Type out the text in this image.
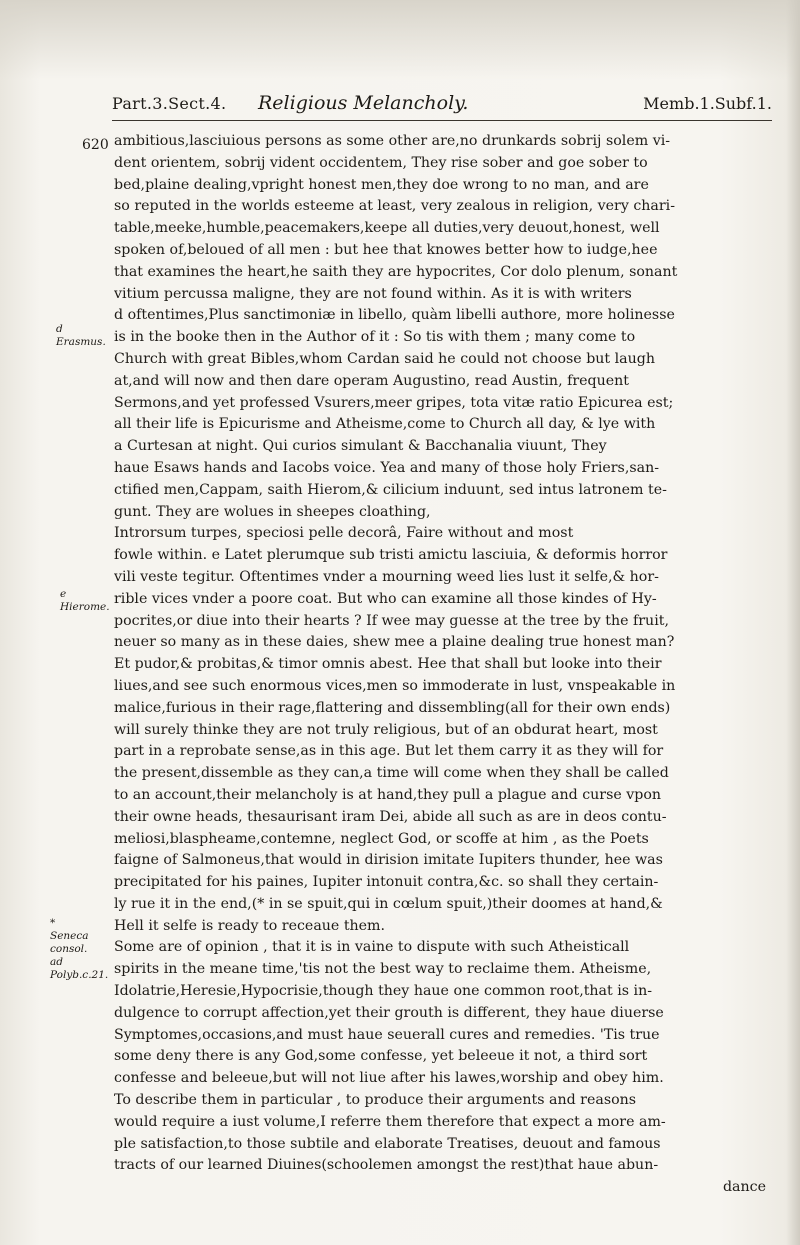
Part.3.Sect.4. Religious Melancholy.	Memb.1.Subf.1.
620
d Erasmus.
e Hierome.
* Seneca consol. ad Polyb.c.21.
ambitious,lasciuious persons as some other are,no drunkards sobrij solem vi-
dent orientem, sobrij vident occidentem, They rise sober and goe sober to
bed,plaine dealing,vpright honest men,they doe wrong to no man, and are
so reputed in the worlds esteeme at least, very zealous in religion, very chari-
table,meeke,humble,peacemakers,keepe all duties,very deuout,honest, well
spoken of,beloued of all men : but hee that knowes better how to iudge,hee
that examines the heart,he saith they are hypocrites, Cor dolo plenum, sonant
vitium percussa maligne, they are not found within. As it is with writers
d oftentimes,Plus sanctimoniæ in libello, quàm libelli authore, more holinesse
is in the booke then in the Author of it : So tis with them ; many come to
Church with great Bibles,whom Cardan said he could not choose but laugh
at,and will now and then dare operam Augustino, read Austin, frequent
Sermons,and yet professed Vsurers,meer gripes, tota vitæ ratio Epicurea est;
all their life is Epicurisme and Atheisme,come to Church all day, & lye with
a Curtesan at night. Qui curios simulant & Bacchanalia viuunt, They
haue Esaws hands and Iacobs voice. Yea and many of those holy Friers,san-
ctified men,Cappam, saith Hierom,& cilicium induunt, sed intus latronem te-
gunt. They are wolues in sheepes cloathing,
Introrsum turpes, speciosi pelle decorâ, Faire without and most
fowle within. e Latet plerumque sub tristi amictu lasciuia, & deformis horror
vili veste tegitur. Oftentimes vnder a mourning weed lies lust it selfe,& hor-
rible vices vnder a poore coat. But who can examine all those kindes of Hy-
pocrites,or diue into their hearts ? If wee may guesse at the tree by the fruit,
neuer so many as in these daies, shew mee a plaine dealing true honest man?
Et pudor,& probitas,& timor omnis abest. Hee that shall but looke into their
liues,and see such enormous vices,men so immoderate in lust, vnspeakable in
malice,furious in their rage,flattering and dissembling(all for their own ends)
will surely thinke they are not truly religious, but of an obdurat heart, most
part in a reprobate sense,as in this age. But let them carry it as they will for
the present,dissemble as they can,a time will come when they shall be called
to an account,their melancholy is at hand,they pull a plague and curse vpon
their owne heads, thesaurisant iram Dei, abide all such as are in deos contu-
meliosi,blaspheame,contemne, neglect God, or scoffe at him , as the Poets
faigne of Salmoneus,that would in dirision imitate Iupiters thunder, hee was
precipitated for his paines, Iupiter intonuit contra,&c. so shall they certain-
ly rue it in the end,(* in se spuit,qui in cœlum spuit,)their doomes at hand,&
Hell it selfe is ready to receaue them.
Some are of opinion , that it is in vaine to dispute with such Atheisticall
spirits in the meane time,'tis not the best way to reclaime them. Atheisme,
Idolatrie,Heresie,Hypocrisie,though they haue one common root,that is in-
dulgence to corrupt affection,yet their grouth is different, they haue diuerse
Symptomes,occasions,and must haue seuerall cures and remedies. 'Tis true
some deny there is any God,some confesse, yet beleeue it not, a third sort
confesse and beleeue,but will not liue after his lawes,worship and obey him.
To describe them in particular , to produce their arguments and reasons
would require a iust volume,I referre them therefore that expect a more am-
ple satisfaction,to those subtile and elaborate Treatises, deuout and famous
tracts of our learned Diuines(schoolemen amongst the rest)that haue abun-
dance
